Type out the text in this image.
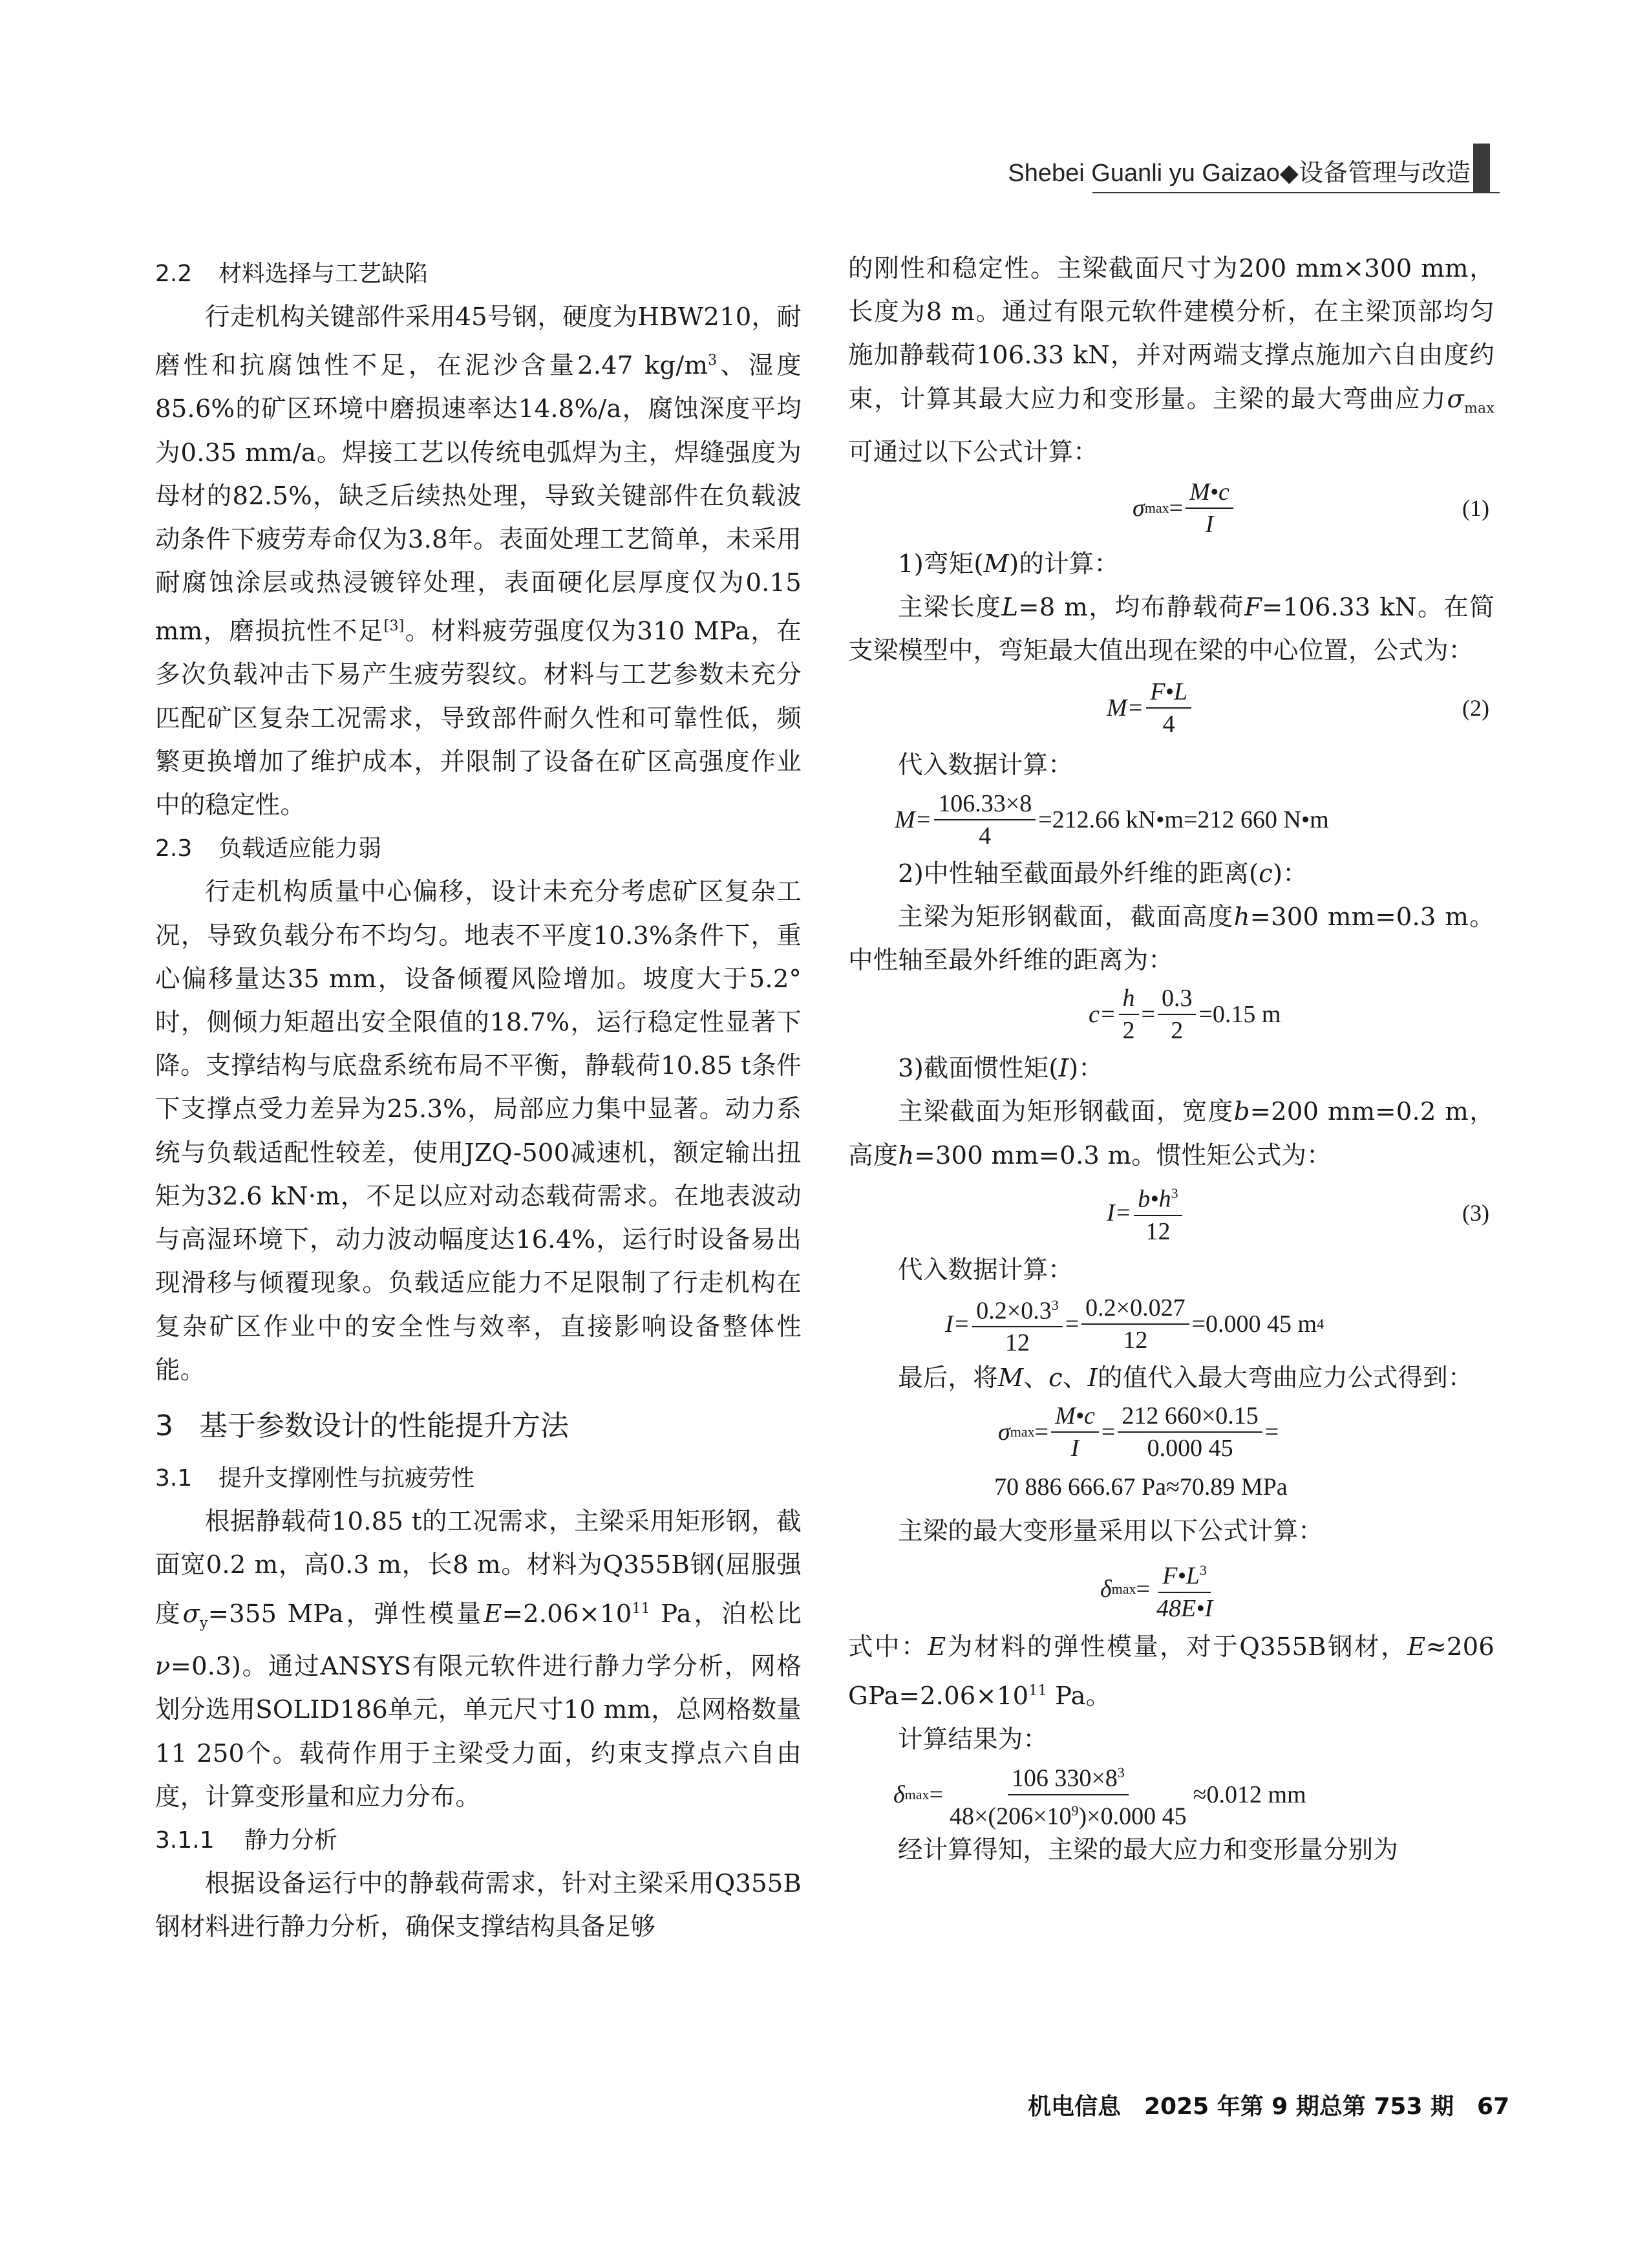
Shebei Guanli yu Gaizao◆设备管理与改造
2.2 材料选择与工艺缺陷

行走机构关键部件采用45号钢，硬度为HBW210，耐磨性和抗腐蚀性不足，在泥沙含量2.47 $kg/m^3$、湿度85.6%的矿区环境中磨损速率达14.8%/a，腐蚀深度平均为0.35 mm/a。焊接工艺以传统电弧焊为主，焊缝强度为母材的82.5%，缺乏后续热处理，导致关键部件在负载波动条件下疲劳寿命仅为3.8年。表面处理工艺简单，未采用耐腐蚀涂层或热浸镀锌处理，表面硬化层厚度仅为0.15 mm，磨损抗性不足[3]。材料疲劳强度仅为310 MPa，在多次负载冲击下易产生疲劳裂纹。材料与工艺参数未充分匹配矿区复杂工况需求，导致部件耐久性和可靠性低，频繁更换增加了维护成本，并限制了设备在矿区高强度作业中的稳定性。

2.3 负载适应能力弱

行走机构质量中心偏移，设计未充分考虑矿区复杂工况，导致负载分布不均匀。地表不平度10.3%条件下，重心偏移量达35 mm，设备倾覆风险增加。坡度大于5.2°时，侧倾力矩超出安全限值的18.7%，运行稳定性显著下降。支撑结构与底盘系统布局不平衡，静载荷10.85 t条件下支撑点受力差异为25.3%，局部应力集中显著。动力系统与负载适配性较差，使用JZQ-500减速机，额定输出扭矩为32.6 kN·m，不足以应对动态载荷需求。在地表波动与高湿环境下，动力波动幅度达16.4%，运行时设备易出现滑移与倾覆现象。负载适应能力不足限制了行走机构在复杂矿区作业中的安全性与效率，直接影响设备整体性能。

3 基于参数设计的性能提升方法
3.1 提升支撑刚性与抗疲劳性

根据静载荷10.85 t的工况需求，主梁采用矩形钢，截面宽0.2 m，高0.3 m，长8 m。材料为Q355B钢(屈服强度$\sigma_y=355$ MPa，弹性模量$E=2.06\times 10^{11}$ Pa，泊松比ν=0.3)。通过ANSYS有限元软件进行静力学分析，网格划分选用SOLID186单元，单元尺寸10 mm，总网格数量11 250个。载荷作用于主梁受力面，约束支撑点六自由度，计算变形量和应力分布。

3.1.1 静力分析

根据设备运行中的静载荷需求，针对主梁采用Q355B钢材料进行静力分析，确保支撑结构具备足够

的刚性和稳定性。主梁截面尺寸为200 mm×300 mm，长度为8 m。通过有限元软件建模分析，在主梁顶部均匀施加静载荷106.33 kN，并对两端支撑点施加六自由度约束，计算其最大应力和变形量。主梁的最大弯曲应力$\sigma_{max}$可通过以下公式计算：

σ $\max = \frac{M•c}{I}$	(1)

1)弯矩(M)的计算：

主梁长度L=8 m，均布静载荷F=106.33 kN。在简支梁模型中，弯矩最大值出现在梁的中心位置，公式为：

$M= \frac{F•L}{4}$	(2)

代入数据计算：

$M= \frac{106.33\times 8}{4} =212.66$ kN•m=212 660 N•m

2)中性轴至截面最外纤维的距离(c)：

主梁为矩形钢截面，截面高度h=300 mm=0.3 m。中性轴至最外纤维的距离为：

$c= \frac{h}{2} = \frac{0.3}{2} =0.15$ m

3)截面惯性矩(I)：

主梁截面为矩形钢截面，宽度b=200 mm=0.2 m，高度h=300 mm=0.3 m。惯性矩公式为：

$I= \frac{b•h^3}{12}$	(3)

代入数据计算：

$I= \frac{0.2\times 0.3^3}{12} = \frac{0.2\times 0.027}{12} =0.000$ 45 m 4

最后，将M、c、I的值代入最大弯曲应力公式得到：

σ $\max = \frac{M•c}{I} = \frac{212 660\times 0.15}{0.000 45}$ =
70 886 666.67 Pa≈70.89 MPa

主梁的最大变形量采用以下公式计算：

δ $\max = \frac{F•L^3}{48E•I}$

式中：E为材料的弹性模量，对于Q355B钢材，E≈206 $GPa=2.06\times 10^{11}$ Pa。

计算结果为：

δ $\max = \frac{106 330\times 8^3}{48\times(206\times 10^9)\times 0.000 45} \approx 0.012$ mm

经计算得知，主梁的最大应力和变形量分别为

机电信息　2025 年第 9 期总第 753 期　67
